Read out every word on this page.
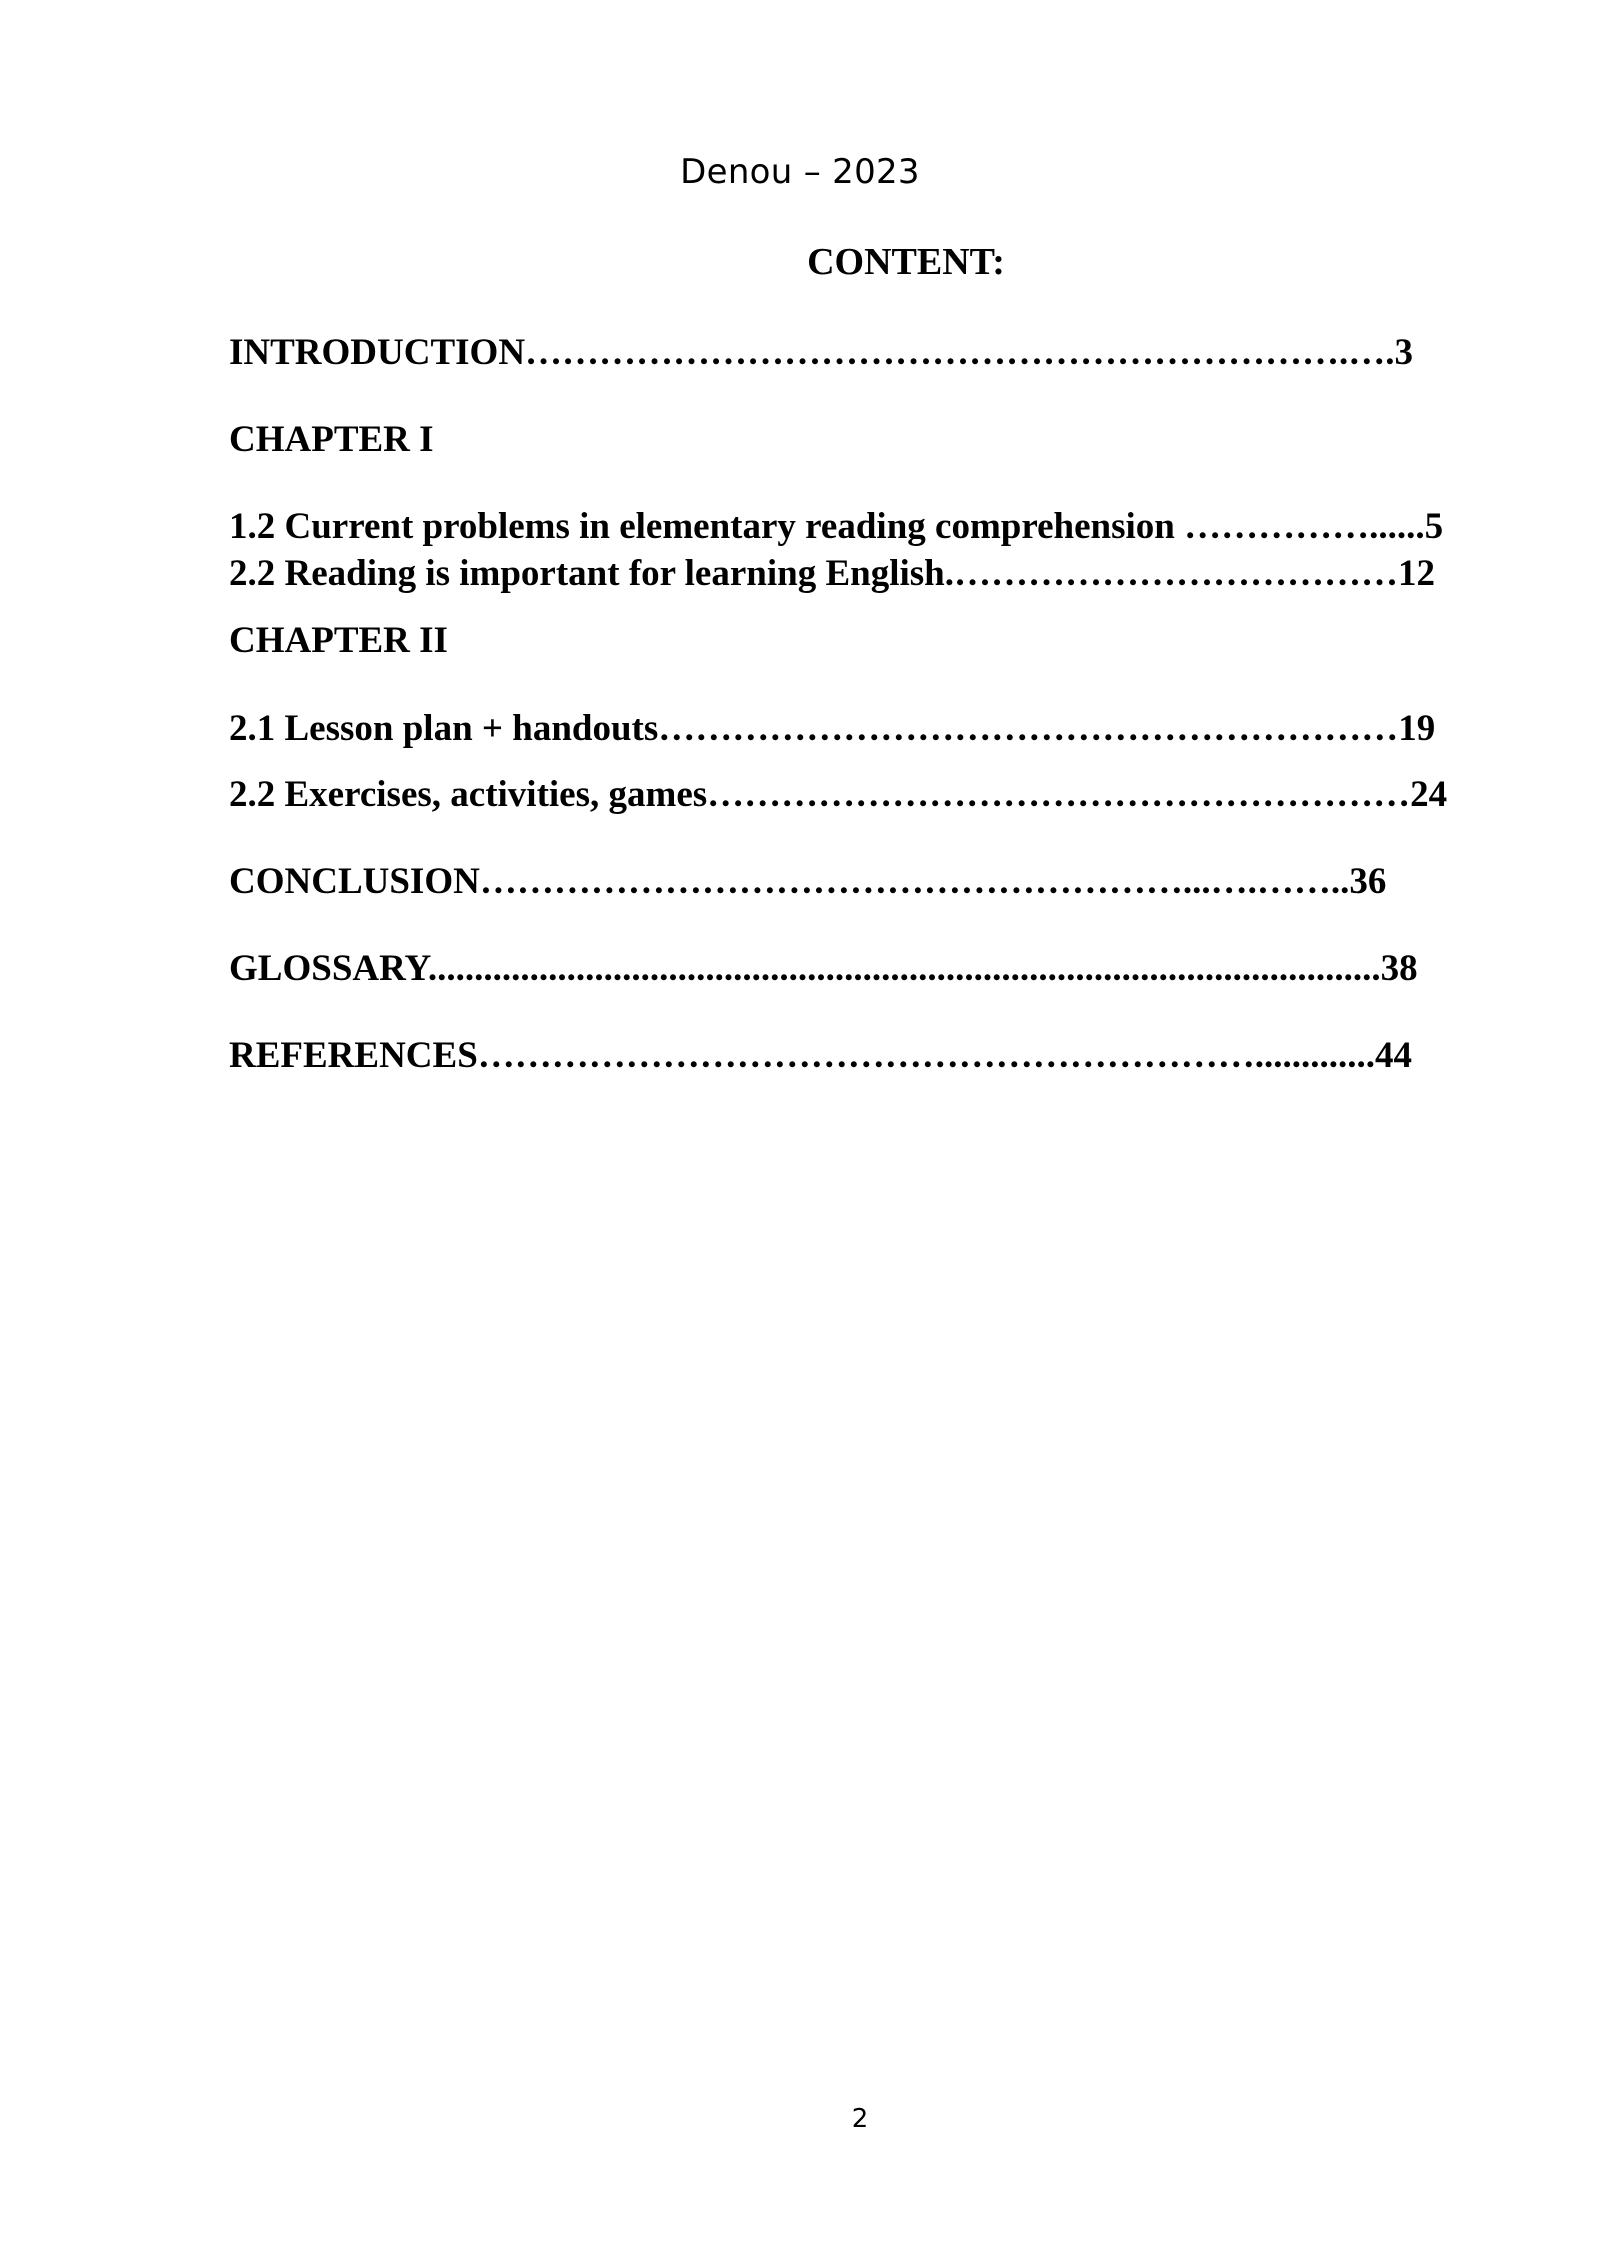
Denou – 2023
CONTENT:
INTRODUCTION………………………………………………………….….3
CHAPTER I
1.2 Current problems in elementary reading comprehension ……………......5
2.2 Reading is important for learning English.………………………………12
CHAPTER II
2.1 Lesson plan + handouts……………………………………………………19
2.2 Exercises, activities, games…………………………………………………24
CONCLUSION…………………………………………………...….……..36
GLOSSARY.......................................................................................................38
REFERENCES……………………………………………………….............44
2
